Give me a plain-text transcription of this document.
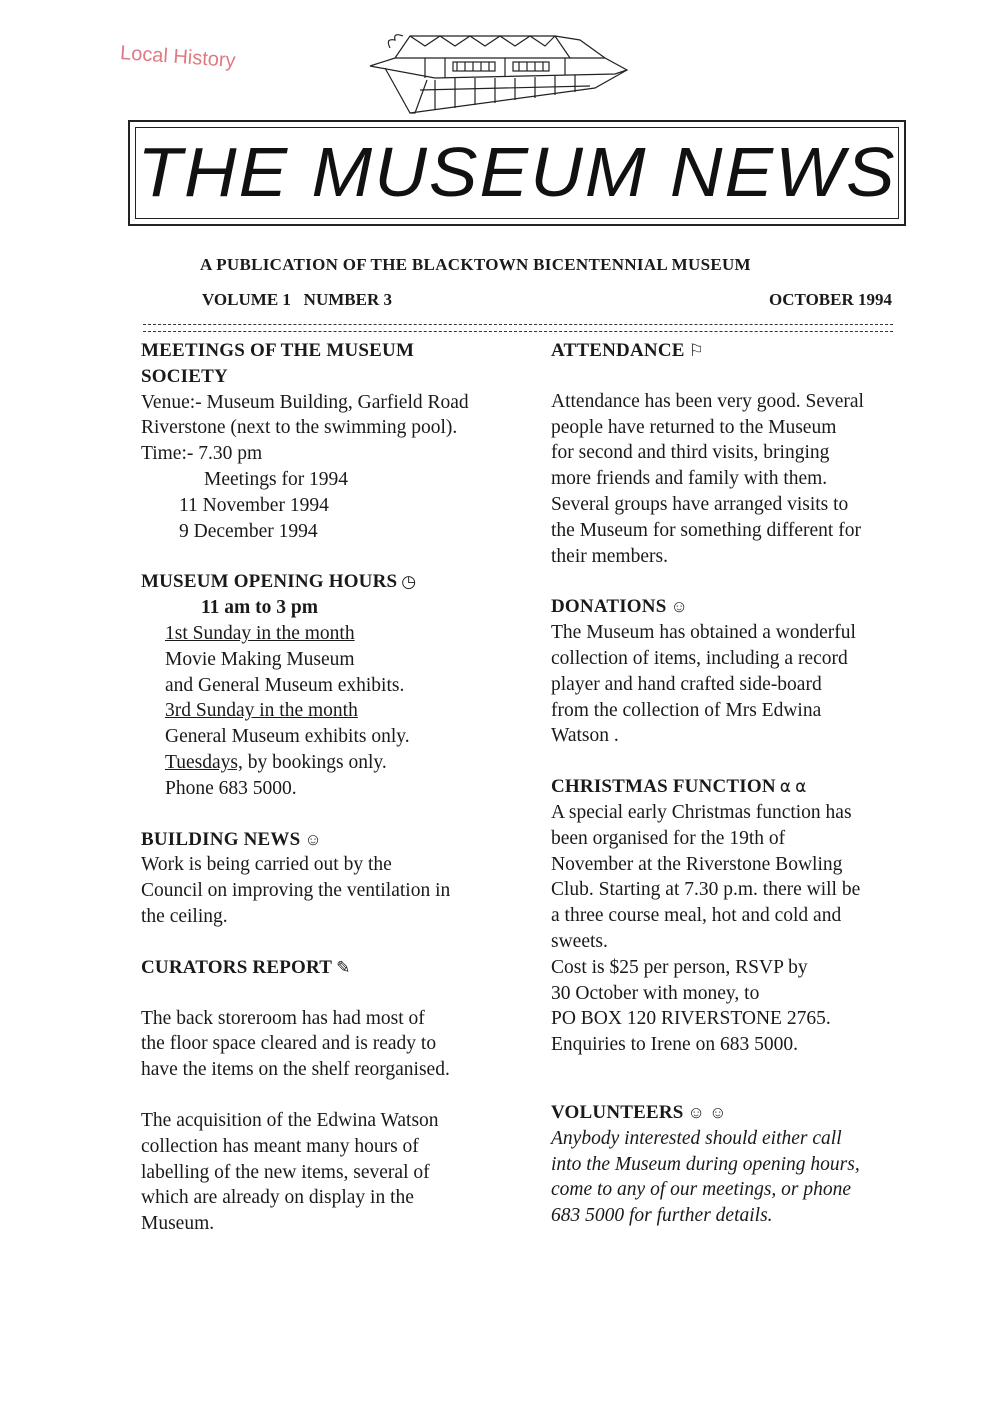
Local History
THE MUSEUM NEWS
A PUBLICATION OF THE BLACKTOWN BICENTENNIAL MUSEUM
VOLUME 1 NUMBER 3	OCTOBER 1994
MEETINGS OF THE MUSEUM
SOCIETY

Venue:- Museum Building, Garfield Road

Riverstone (next to the swimming pool).

Time:- 7.30 pm

Meetings for 1994

11 November 1994

9 December 1994

MUSEUM OPENING HOURS ◷
11 am to 3 pm

1st Sunday in the month

Movie Making Museum

and General Museum exhibits.

3rd Sunday in the month

General Museum exhibits only.

Tuesdays, by bookings only.

Phone 683 5000.

BUILDING NEWS ☺

Work is being carried out by the

Council on improving the ventilation in

the ceiling.

CURATORS REPORT ✎

The back storeroom has had most of

the floor space cleared and is ready to

have the items on the shelf reorganised.

The acquisition of the Edwina Watson

collection has meant many hours of

labelling of the new items, several of

which are already on display in the

Museum.

ATTENDANCE ⚐

Attendance has been very good. Several

people have returned to the Museum

for second and third visits, bringing

more friends and family with them.

Several groups have arranged visits to

the Museum for something different for

their members.

DONATIONS ☺

The Museum has obtained a wonderful

collection of items, including a record

player and hand crafted side-board

from the collection of Mrs Edwina

Watson .

CHRISTMAS FUNCTION ⍺ ⍺

A special early Christmas function has

been organised for the 19th of

November at the Riverstone Bowling

Club. Starting at 7.30 p.m. there will be

a three course meal, hot and cold and

sweets.

Cost is $25 per person, RSVP by

30 October with money, to

PO BOX 120 RIVERSTONE 2765.

Enquiries to Irene on 683 5000.

VOLUNTEERS ☺ ☺

Anybody interested should either call

into the Museum during opening hours,

come to any of our meetings, or phone

683 5000 for further details.
